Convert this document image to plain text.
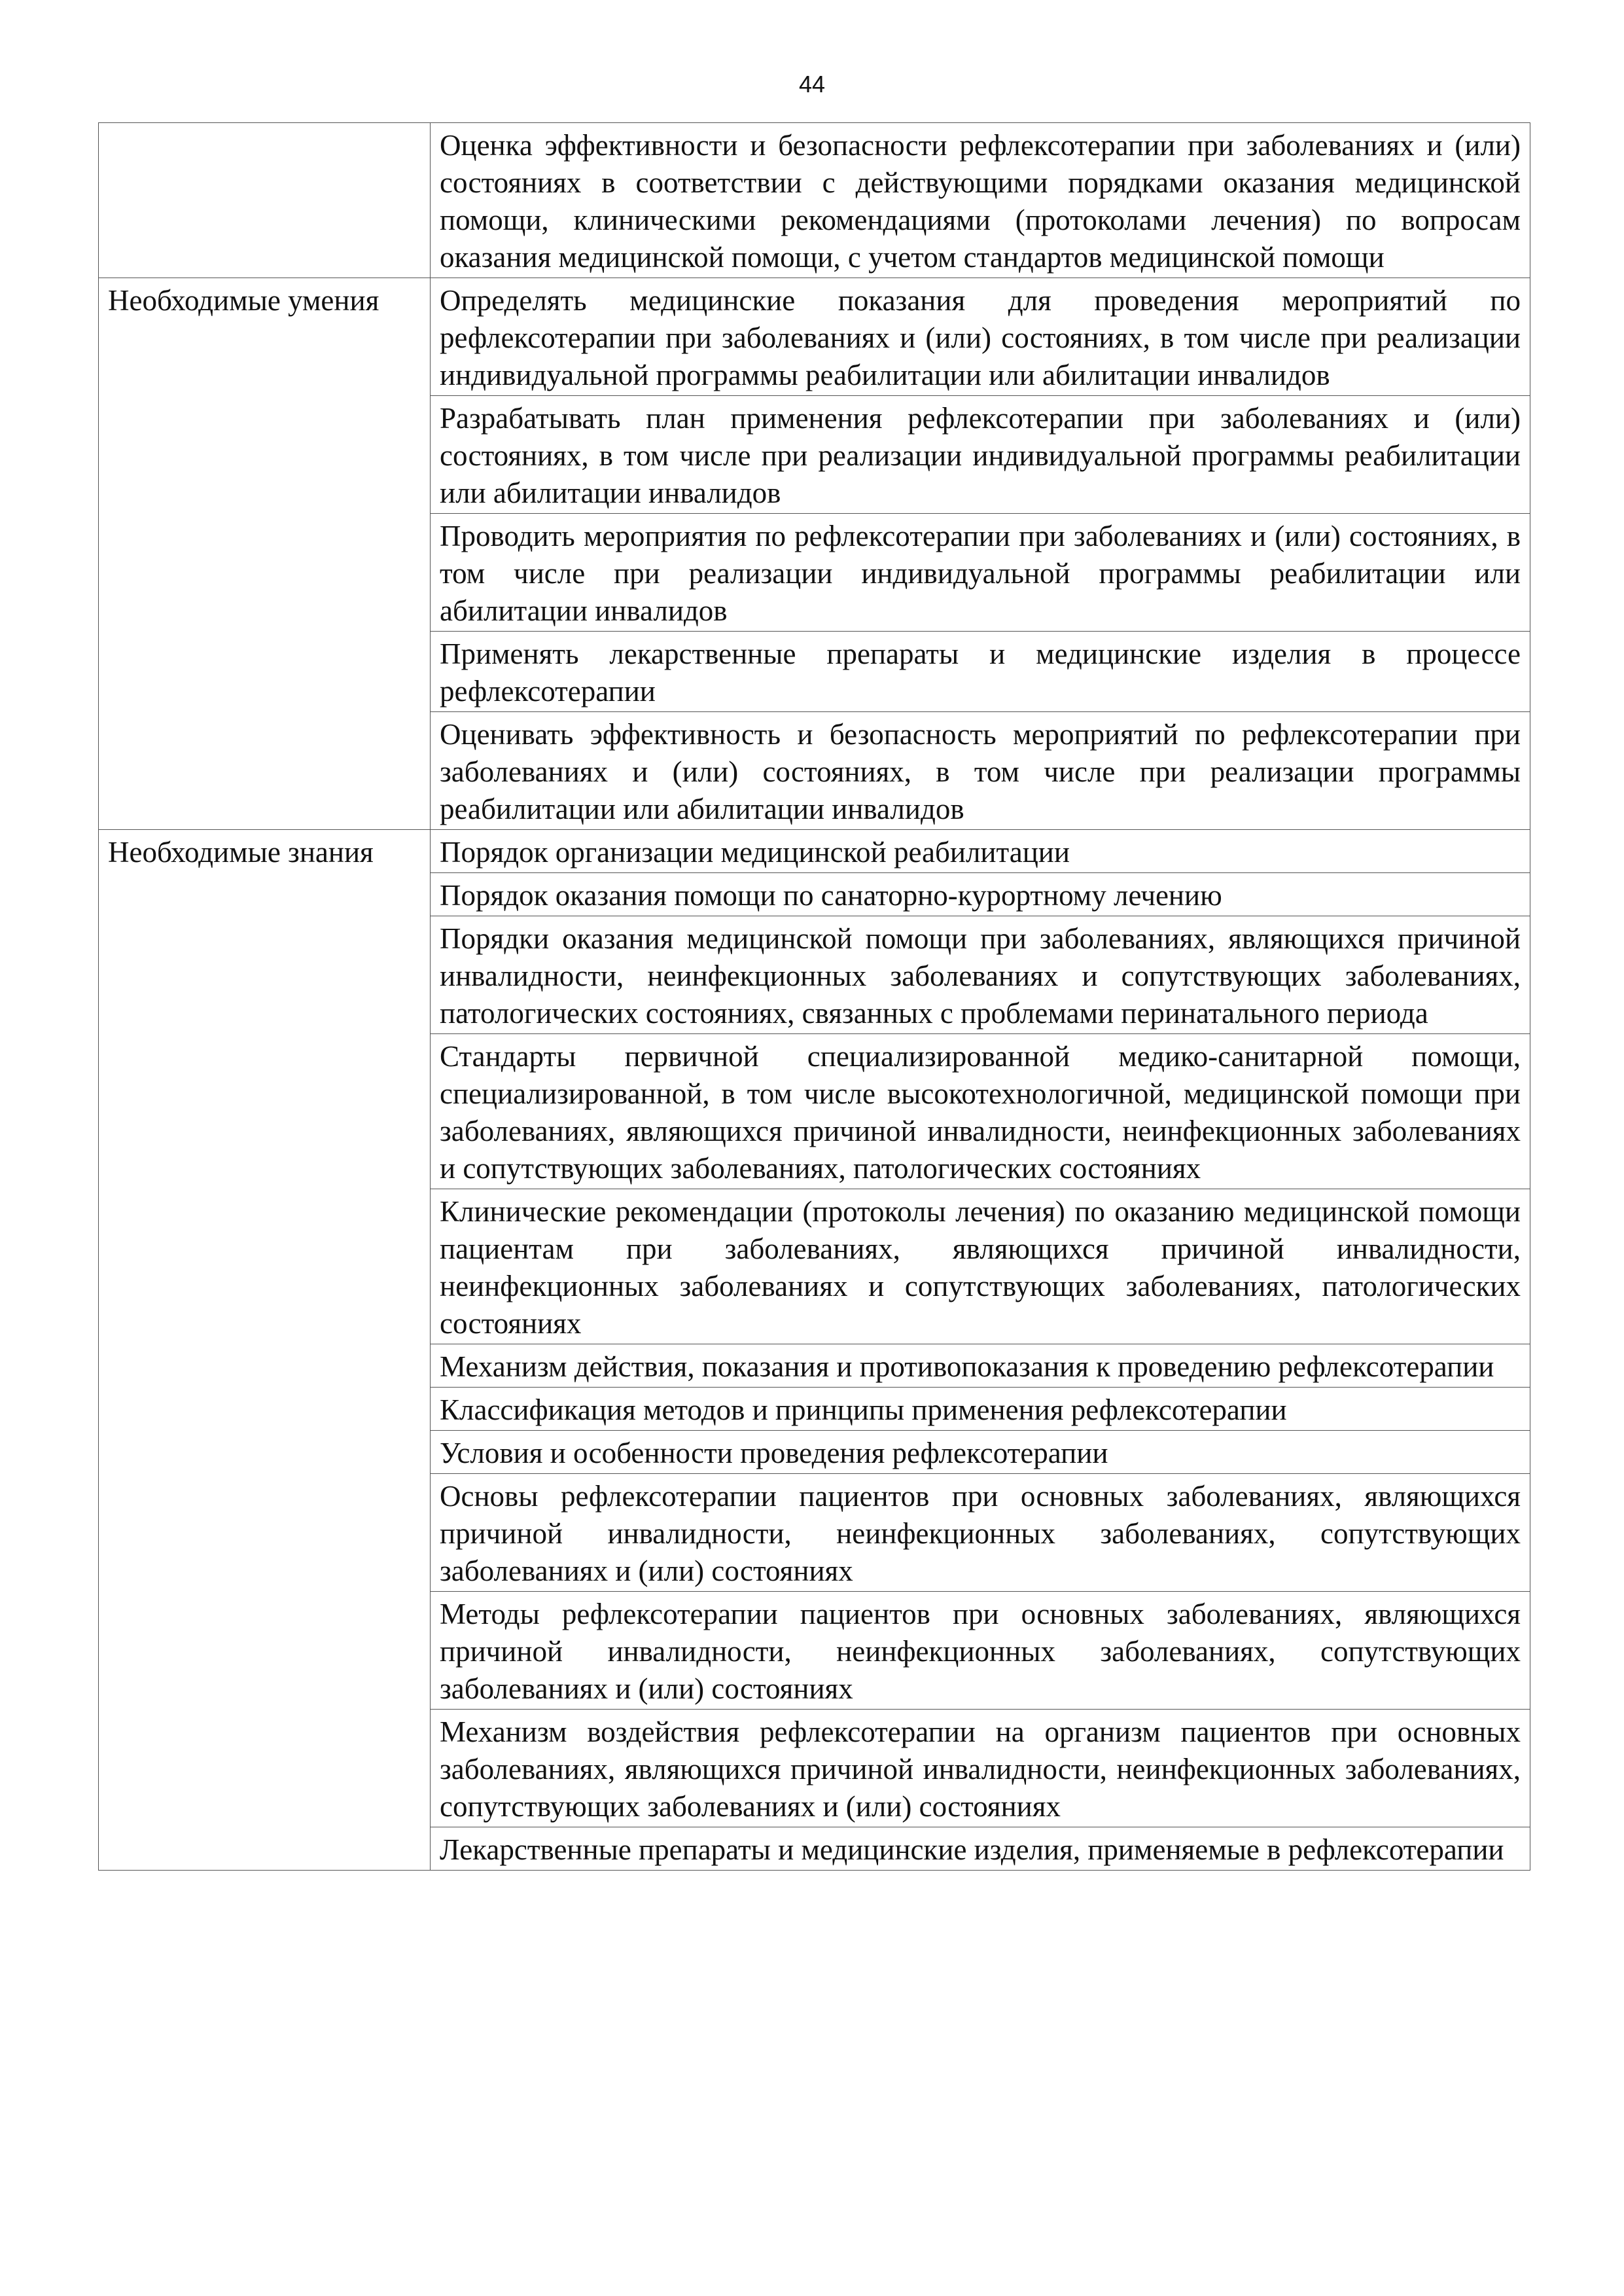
44
	Оценка эффективности и безопасности рефлексотерапии при заболеваниях и (или) состояниях в соответствии с действующими порядками оказания медицинской помощи, клиническими рекомендациями (протоколами лечения) по вопросам оказания медицинской помощи, с учетом стандартов медицинской помощи
Необходимые умения	Определять медицинские показания для проведения мероприятий по рефлексотерапии при заболеваниях и (или) состояниях, в том числе при реализации индивидуальной программы реабилитации или абилитации инвалидов
	Разрабатывать план применения рефлексотерапии при заболеваниях и (или) состояниях, в том числе при реализации индивидуальной программы реабилитации или абилитации инвалидов
	Проводить мероприятия по рефлексотерапии при заболеваниях и (или) состояниях, в том числе при реализации индивидуальной программы реабилитации или абилитации инвалидов
	Применять лекарственные препараты и медицинские изделия в процессе рефлексотерапии
	Оценивать эффективность и безопасность мероприятий по рефлексотерапии при заболеваниях и (или) состояниях, в том числе при реализации программы реабилитации или абилитации инвалидов
Необходимые знания	Порядок организации медицинской реабилитации
	Порядок оказания помощи по санаторно-курортному лечению
	Порядки оказания медицинской помощи при заболеваниях, являющихся причиной инвалидности, неинфекционных заболеваниях и сопутствующих заболеваниях, патологических состояниях, связанных с проблемами перинатального периода
	Стандарты первичной специализированной медико-санитарной помощи, специализированной, в том числе высокотехнологичной, медицинской помощи при заболеваниях, являющихся причиной инвалидности, неинфекционных заболеваниях и сопутствующих заболеваниях, патологических состояниях
	Клинические рекомендации (протоколы лечения) по оказанию медицинской помощи пациентам при заболеваниях, являющихся причиной инвалидности, неинфекционных заболеваниях и сопутствующих заболеваниях, патологических состояниях
	Механизм действия, показания и противопоказания к проведению рефлексотерапии
	Классификация методов и принципы применения рефлексотерапии
	Условия и особенности проведения рефлексотерапии
	Основы рефлексотерапии пациентов при основных заболеваниях, являющихся причиной инвалидности, неинфекционных заболеваниях, сопутствующих заболеваниях и (или) состояниях
	Методы рефлексотерапии пациентов при основных заболеваниях, являющихся причиной инвалидности, неинфекционных заболеваниях, сопутствующих заболеваниях и (или) состояниях
	Механизм воздействия рефлексотерапии на организм пациентов при основных заболеваниях, являющихся причиной инвалидности, неинфекционных заболеваниях, сопутствующих заболеваниях и (или) состояниях
	Лекарственные препараты и медицинские изделия, применяемые в рефлексотерапии
